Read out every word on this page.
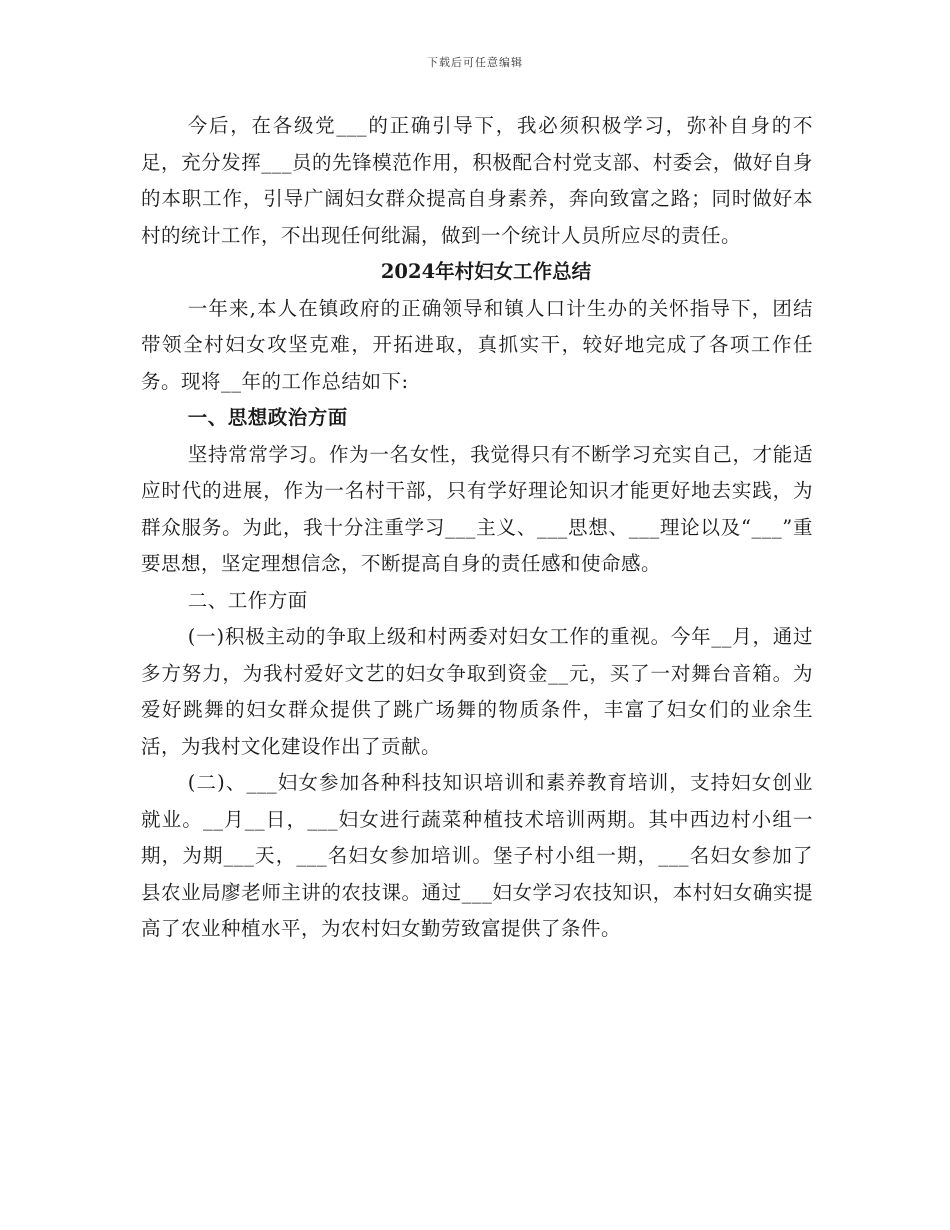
下载后可任意编辑

今后，在各级党___的正确引导下，我必须积极学习，弥补自身的不足，充分发挥___员的先锋模范作用，积极配合村党支部、村委会，做好自身的本职工作，引导广阔妇女群众提高自身素养，奔向致富之路；同时做好本村的统计工作，不出现任何纰漏，做到一个统计人员所应尽的责任。

2024年村妇女工作总结

一年来,本人在镇政府的正确领导和镇人口计生办的关怀指导下，团结带领全村妇女攻坚克难，开拓进取，真抓实干，较好地完成了各项工作任务。现将__年的工作总结如下:

一、思想政治方面

坚持常常学习。作为一名女性，我觉得只有不断学习充实自己，才能适应时代的进展，作为一名村干部，只有学好理论知识才能更好地去实践，为群众服务。为此，我十分注重学习___主义、___思想、___理论以及“___”重要思想，坚定理想信念，不断提高自身的责任感和使命感。

二、工作方面

(一)积极主动的争取上级和村两委对妇女工作的重视。今年__月，通过多方努力，为我村爱好文艺的妇女争取到资金__元，买了一对舞台音箱。为爱好跳舞的妇女群众提供了跳广场舞的物质条件，丰富了妇女们的业余生活，为我村文化建设作出了贡献。

(二)、___妇女参加各种科技知识培训和素养教育培训，支持妇女创业就业。__月__日，___妇女进行蔬菜种植技术培训两期。其中西边村小组一期，为期___天，___名妇女参加培训。堡子村小组一期，___名妇女参加了县农业局廖老师主讲的农技课。通过___妇女学习农技知识，本村妇女确实提高了农业种植水平，为农村妇女勤劳致富提供了条件。
